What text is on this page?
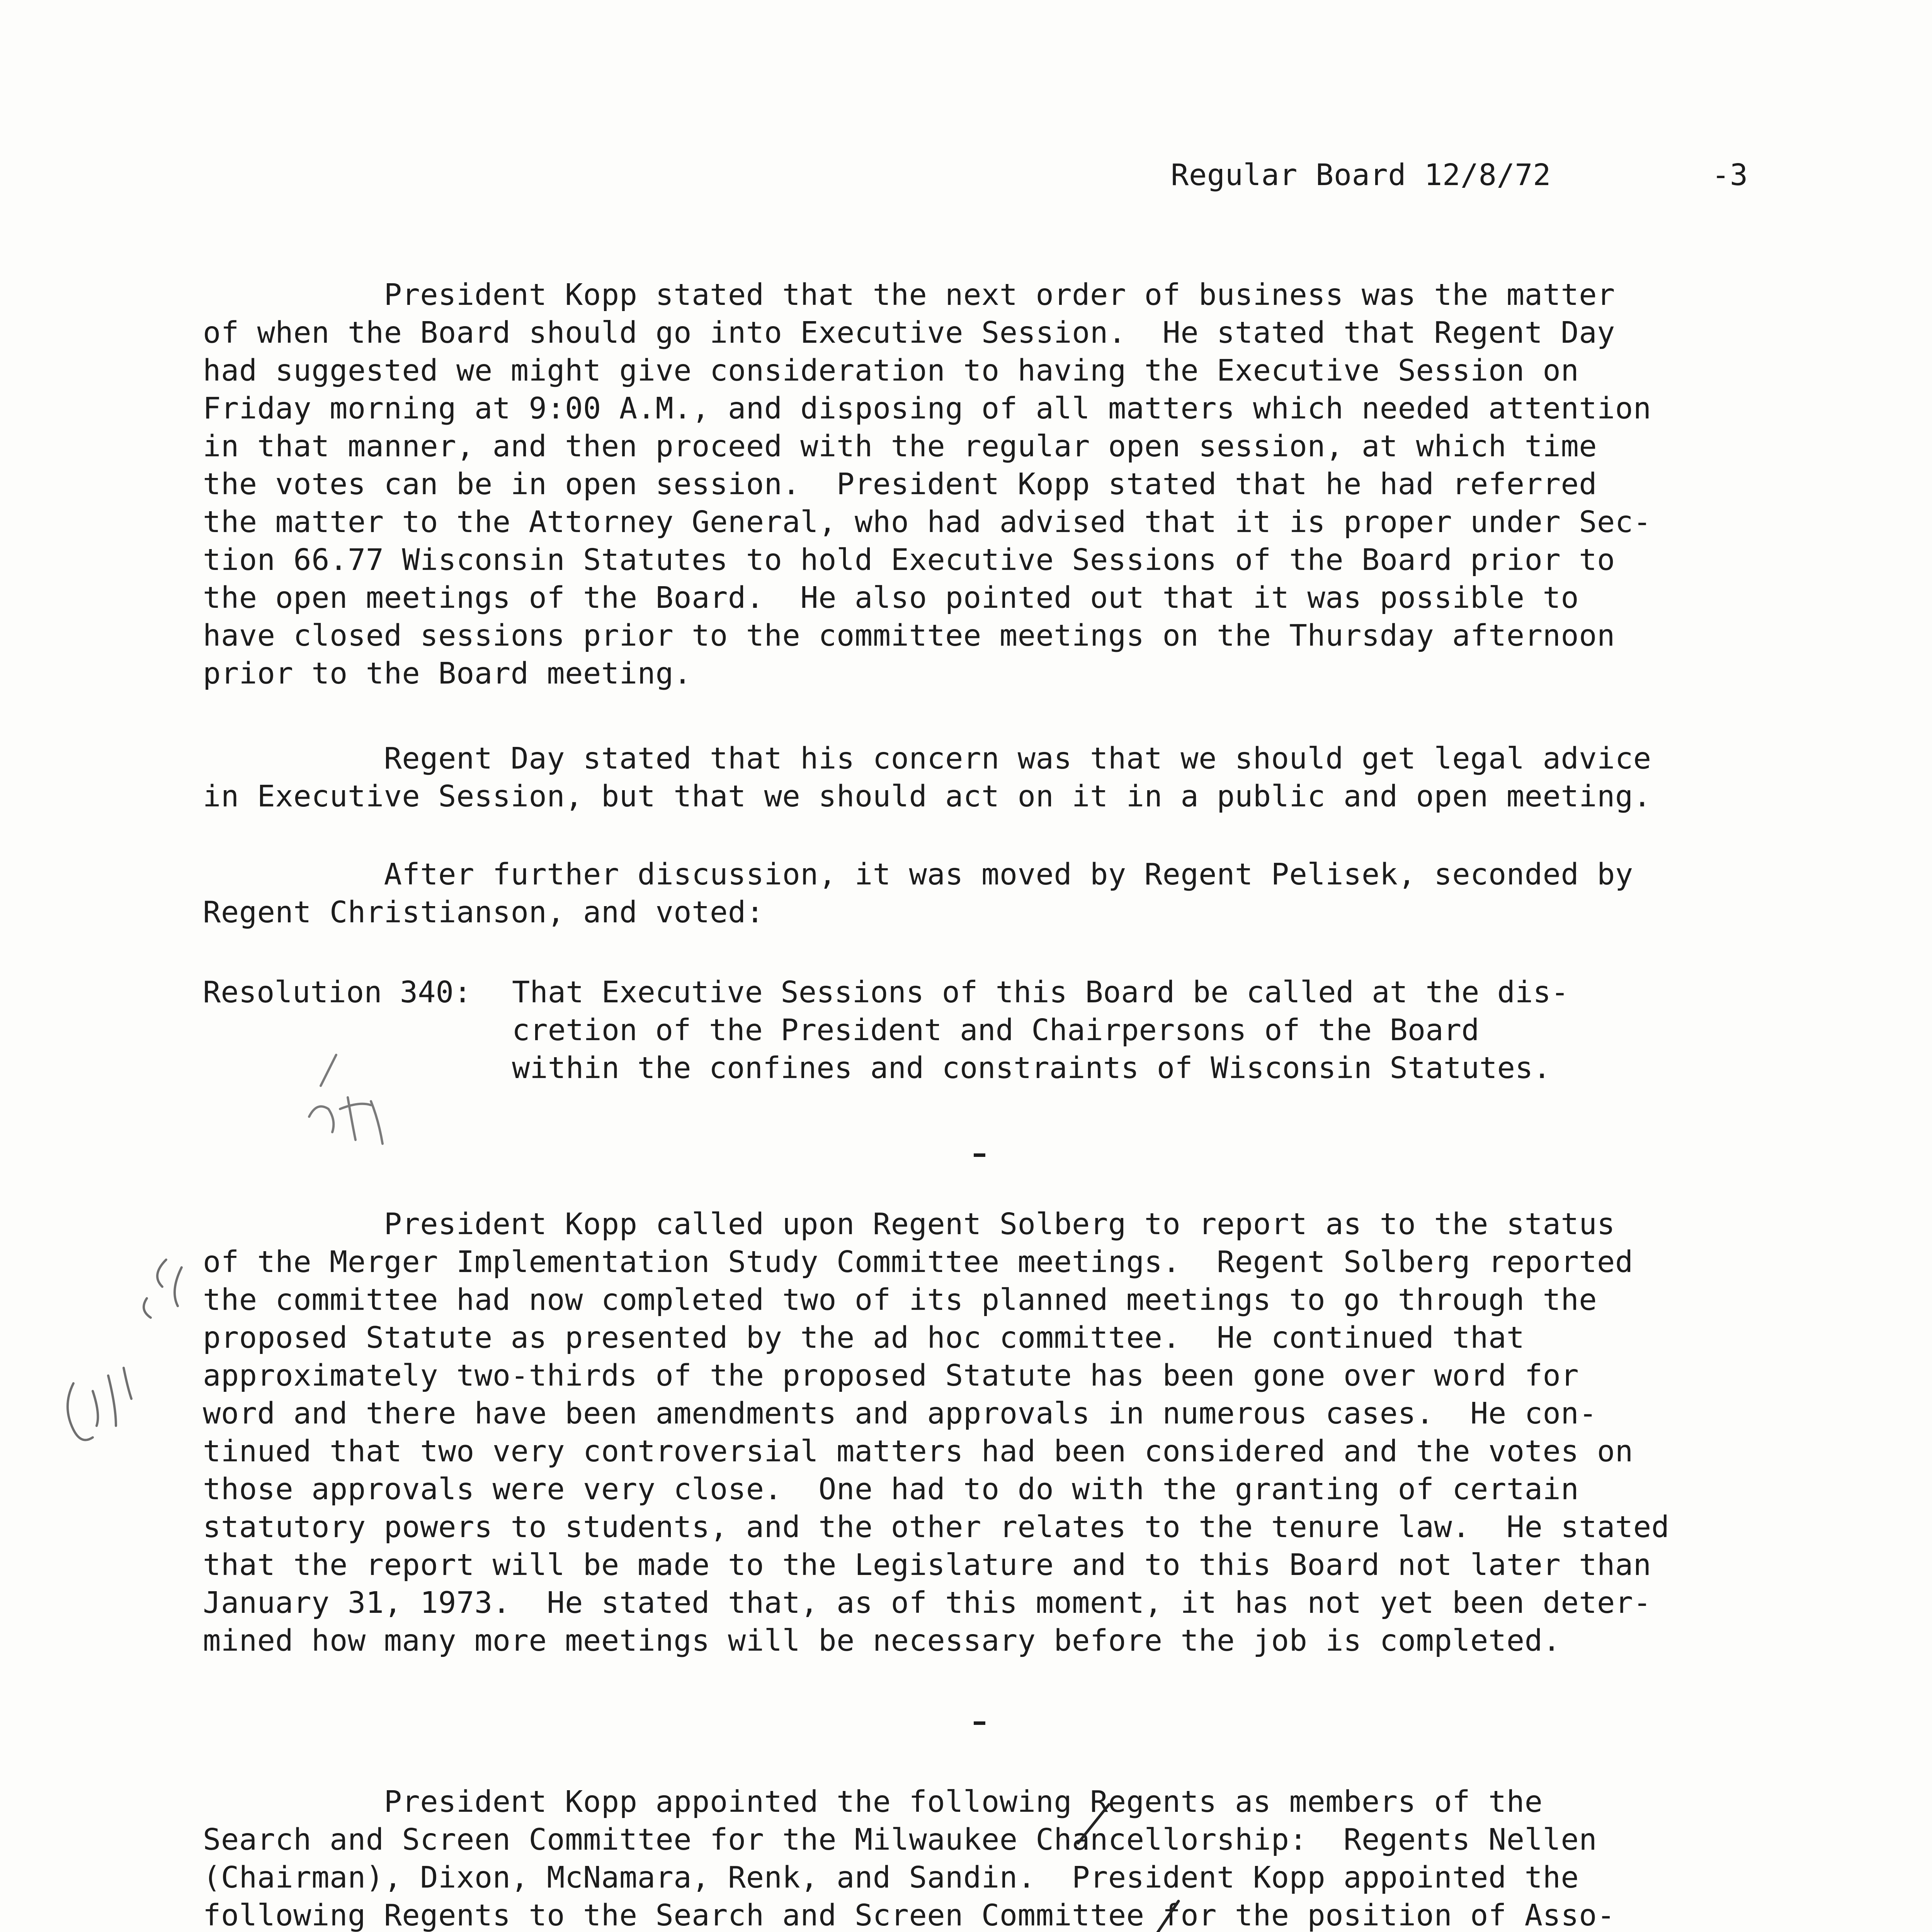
Regular Board 12/8/72	-3
President Kopp stated that the next order of business was the matter
of when the Board should go into Executive Session.  He stated that Regent Day
had suggested we might give consideration to having the Executive Session on
Friday morning at 9:00 A.M., and disposing of all matters which needed attention
in that manner, and then proceed with the regular open session, at which time
the votes can be in open session.  President Kopp stated that he had referred
the matter to the Attorney General, who had advised that it is proper under Sec-
tion 66.77 Wisconsin Statutes to hold Executive Sessions of the Board prior to
the open meetings of the Board.  He also pointed out that it was possible to
have closed sessions prior to the committee meetings on the Thursday afternoon
prior to the Board meeting.
Regent Day stated that his concern was that we should get legal advice
in Executive Session, but that we should act on it in a public and open meeting.
After further discussion, it was moved by Regent Pelisek, seconded by
Regent Christianson, and voted:
Resolution 340: That Executive Sessions of this Board be called at the dis-
cretion of the President and Chairpersons of the Board
within the confines and constraints of Wisconsin Statutes.
President Kopp called upon Regent Solberg to report as to the status
of the Merger Implementation Study Committee meetings.  Regent Solberg reported
the committee had now completed two of its planned meetings to go through the
proposed Statute as presented by the ad hoc committee.  He continued that
approximately two-thirds of the proposed Statute has been gone over word for
word and there have been amendments and approvals in numerous cases.  He con-
tinued that two very controversial matters had been considered and the votes on
those approvals were very close.  One had to do with the granting of certain
statutory powers to students, and the other relates to the tenure law.  He stated
that the report will be made to the Legislature and to this Board not later than
January 31, 1973.  He stated that, as of this moment, it has not yet been deter-
mined how many more meetings will be necessary before the job is completed.
President Kopp appointed the following Regents as members of the
Search and Screen Committee for the Milwaukee Chancellorship:  Regents Nellen
(Chairman), Dixon, McNamara, Renk, and Sandin.  President Kopp appointed the
following Regents to the Search and Screen Committee for the position of Asso-
